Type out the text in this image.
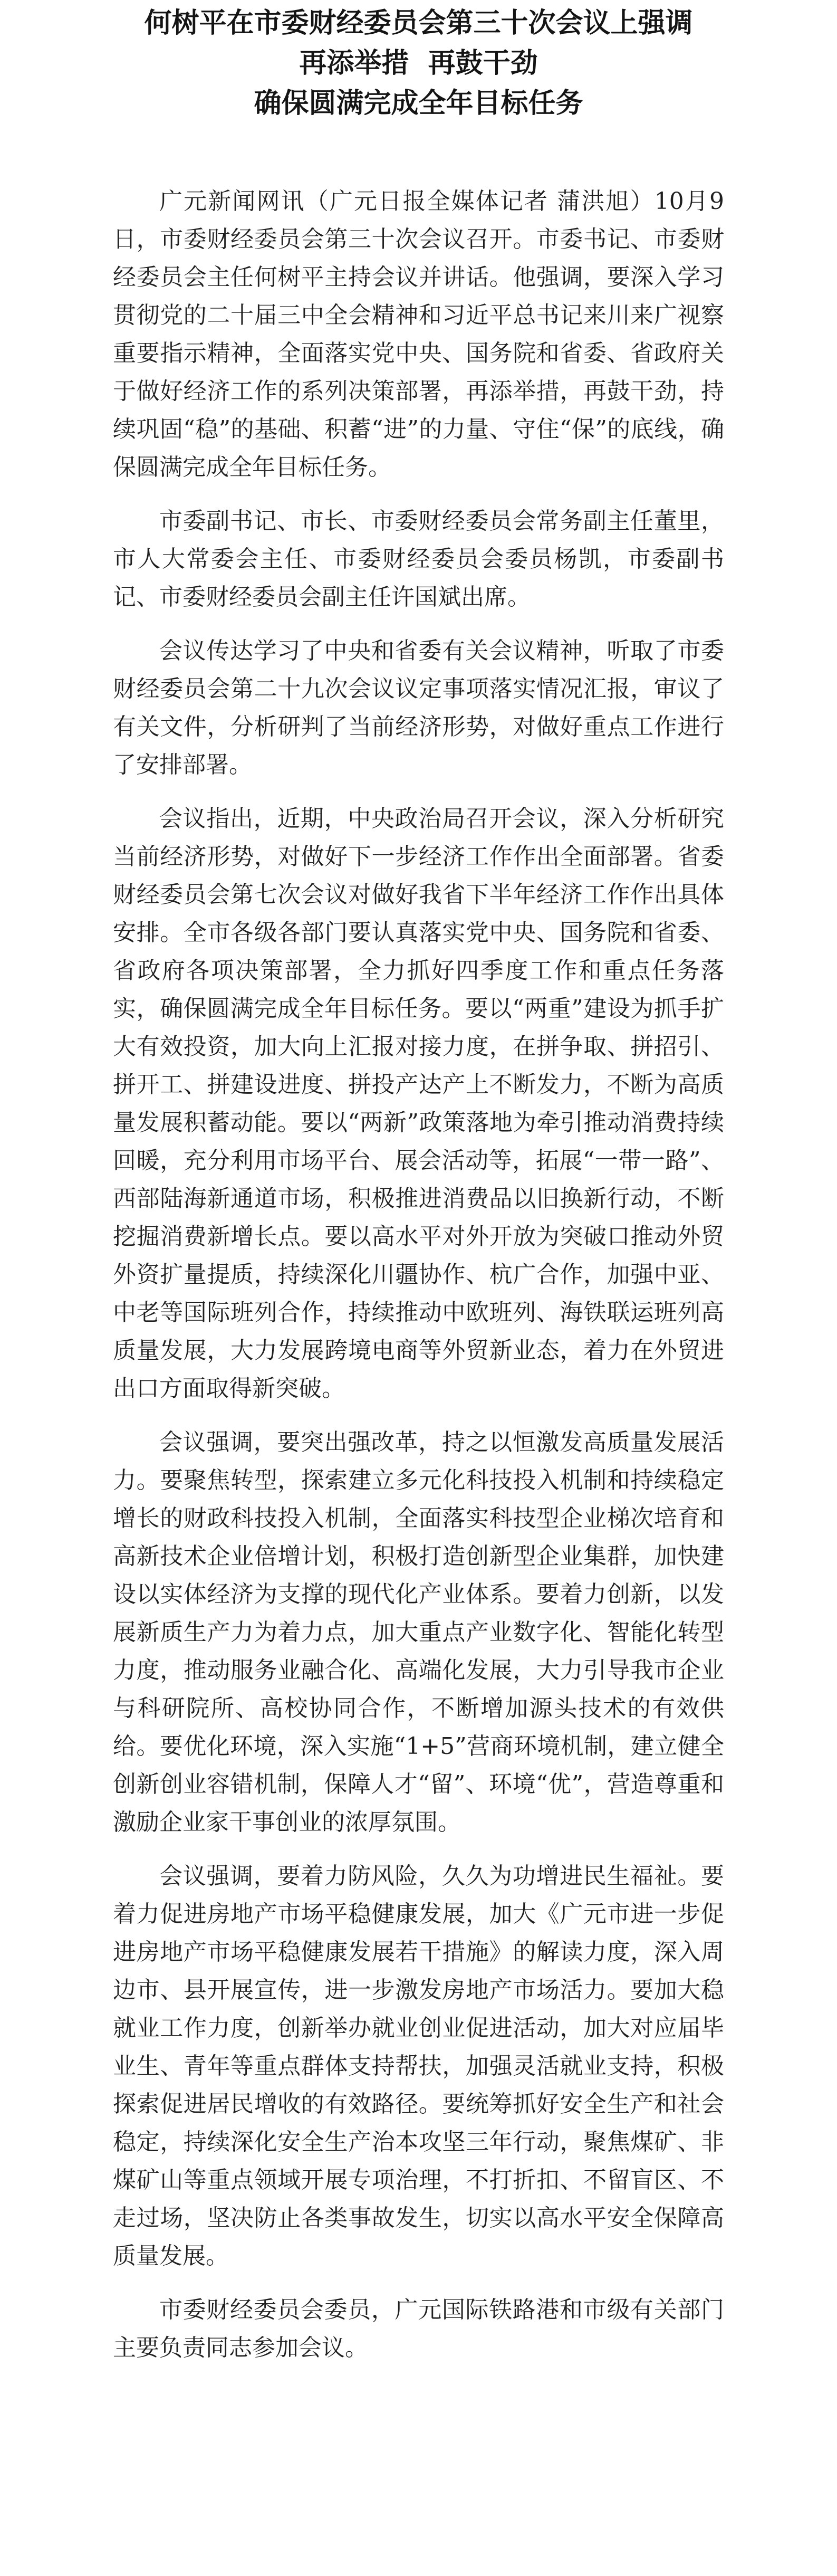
何树平在市委财经委员会第三十次会议上强调
再添举措  再鼓干劲
确保圆满完成全年目标任务

广元新闻网讯（广元日报全媒体记者 蒲洪旭）10月9日，市委财经委员会第三十次会议召开。市委书记、市委财经委员会主任何树平主持会议并讲话。他强调，要深入学习贯彻党的二十届三中全会精神和习近平总书记来川来广视察重要指示精神，全面落实党中央、国务院和省委、省政府关于做好经济工作的系列决策部署，再添举措，再鼓干劲，持续巩固“稳”的基础、积蓄“进”的力量、守住“保”的底线，确保圆满完成全年目标任务。

市委副书记、市长、市委财经委员会常务副主任董里，市人大常委会主任、市委财经委员会委员杨凯，市委副书记、市委财经委员会副主任许国斌出席。

会议传达学习了中央和省委有关会议精神，听取了市委财经委员会第二十九次会议议定事项落实情况汇报，审议了有关文件，分析研判了当前经济形势，对做好重点工作进行了安排部署。

会议指出，近期，中央政治局召开会议，深入分析研究当前经济形势，对做好下一步经济工作作出全面部署。省委财经委员会第七次会议对做好我省下半年经济工作作出具体安排。全市各级各部门要认真落实党中央、国务院和省委、省政府各项决策部署，全力抓好四季度工作和重点任务落实，确保圆满完成全年目标任务。要以“两重”建设为抓手扩大有效投资，加大向上汇报对接力度，在拼争取、拼招引、拼开工、拼建设进度、拼投产达产上不断发力，不断为高质量发展积蓄动能。要以“两新”政策落地为牵引推动消费持续回暖，充分利用市场平台、展会活动等，拓展“一带一路”、西部陆海新通道市场，积极推进消费品以旧换新行动，不断挖掘消费新增长点。要以高水平对外开放为突破口推动外贸外资扩量提质，持续深化川疆协作、杭广合作，加强中亚、中老等国际班列合作，持续推动中欧班列、海铁联运班列高质量发展，大力发展跨境电商等外贸新业态，着力在外贸进出口方面取得新突破。

会议强调，要突出强改革，持之以恒激发高质量发展活力。要聚焦转型，探索建立多元化科技投入机制和持续稳定增长的财政科技投入机制，全面落实科技型企业梯次培育和高新技术企业倍增计划，积极打造创新型企业集群，加快建设以实体经济为支撑的现代化产业体系。要着力创新，以发展新质生产力为着力点，加大重点产业数字化、智能化转型力度，推动服务业融合化、高端化发展，大力引导我市企业与科研院所、高校协同合作，不断增加源头技术的有效供给。要优化环境，深入实施“1+5”营商环境机制，建立健全创新创业容错机制，保障人才“留”、环境“优”，营造尊重和激励企业家干事创业的浓厚氛围。

会议强调，要着力防风险，久久为功增进民生福祉。要着力促进房地产市场平稳健康发展，加大《广元市进一步促进房地产市场平稳健康发展若干措施》的解读力度，深入周边市、县开展宣传，进一步激发房地产市场活力。要加大稳就业工作力度，创新举办就业创业促进活动，加大对应届毕业生、青年等重点群体支持帮扶，加强灵活就业支持，积极探索促进居民增收的有效路径。要统筹抓好安全生产和社会稳定，持续深化安全生产治本攻坚三年行动，聚焦煤矿、非煤矿山等重点领域开展专项治理，不打折扣、不留盲区、不走过场，坚决防止各类事故发生，切实以高水平安全保障高质量发展。

市委财经委员会委员，广元国际铁路港和市级有关部门主要负责同志参加会议。
